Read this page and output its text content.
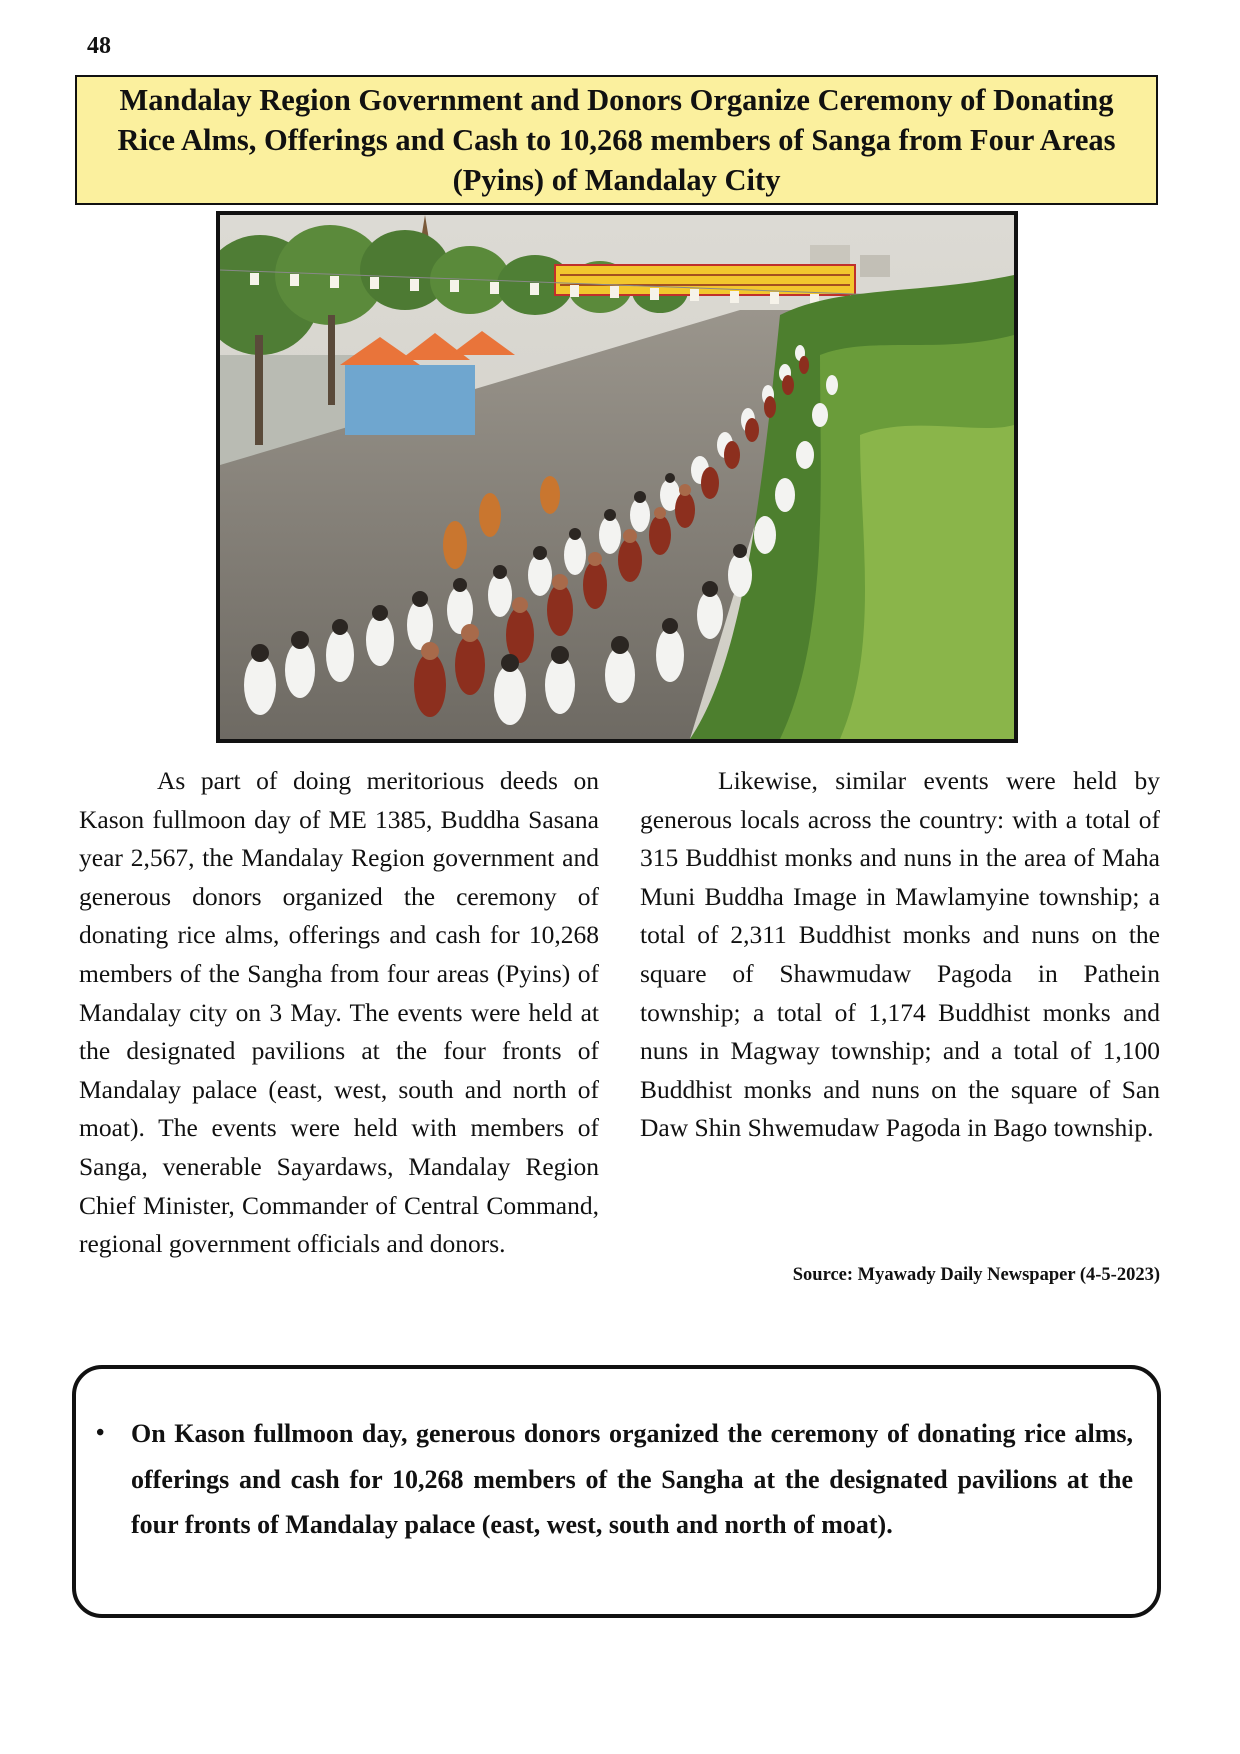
48
Mandalay Region Government and Donors Organize Ceremony of Donating Rice Alms, Offerings and Cash to 10,268 members of Sanga from Four Areas (Pyins) of Mandalay City

As part of doing meritorious deeds on Kason fullmoon day of ME 1385, Buddha Sasana year 2,567, the Mandalay Region government and generous donors organized the ceremony of donating rice alms, offerings and cash for 10,268 members of the Sangha from four areas (Pyins) of Mandalay city on 3 May. The events were held at the designated pavilions at the four fronts of Mandalay palace (east, west, south and north of moat). The events were held with members of Sanga, venerable Sayardaws, Mandalay Region Chief Minister, Commander of Central Command, regional government officials and donors.

Likewise, similar events were held by generous locals across the country: with a total of 315 Buddhist monks and nuns in the area of Maha Muni Buddha Image in Mawlamyine township; a total of 2,311 Buddhist monks and nuns on the square of Shawmudaw Pagoda in Pathein township; a total of 1,174 Buddhist monks and nuns in Magway township; and a total of 1,100 Buddhist monks and nuns on the square of San Daw Shin Shwemudaw Pagoda in Bago township.

Source: Myawady Daily Newspaper (4-5-2023)
• On Kason fullmoon day, generous donors organized the ceremony of donating rice alms, offerings and cash for 10,268 members of the Sangha at the designated pavilions at the four fronts of Mandalay palace (east, west, south and north of moat).
